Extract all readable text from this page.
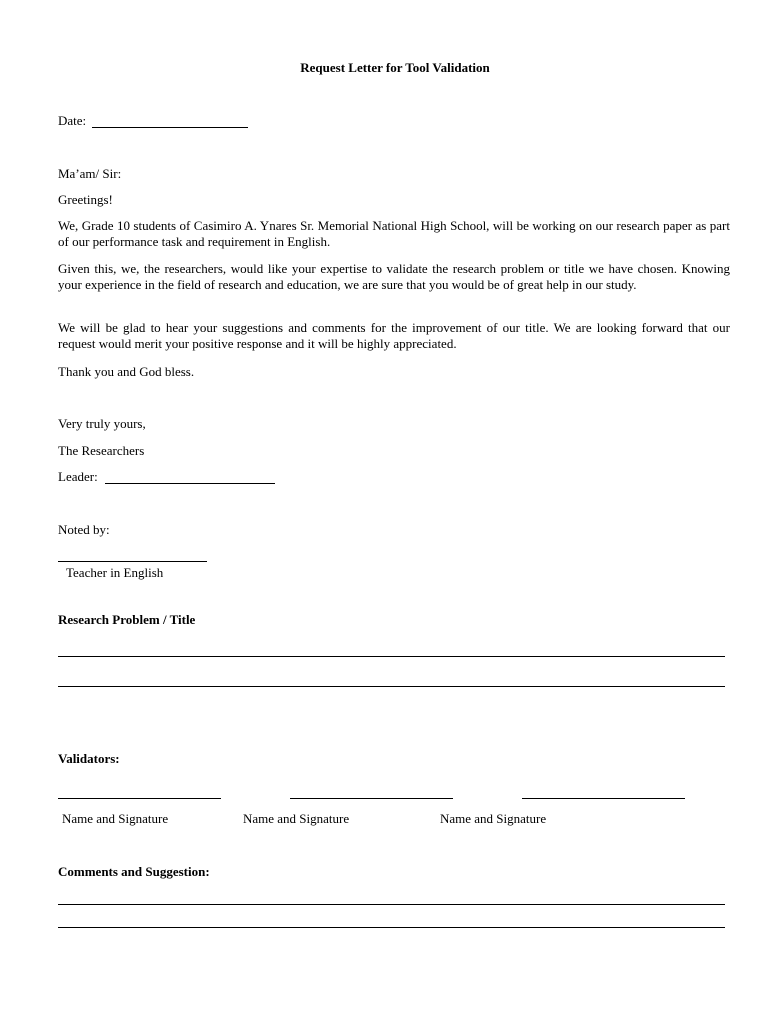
Request Letter for Tool Validation
Date:
Ma’am/ Sir:
Greetings!
We, Grade 10 students of Casimiro A. Ynares Sr. Memorial National High School, will be working on our research paper as part of our performance task and requirement in English.
Given this, we, the researchers, would like your expertise to validate the research problem or title we have chosen. Knowing your experience in the field of research and education, we are sure that you would be of great help in our study.
We will be glad to hear your suggestions and comments for the improvement of our title. We are looking forward that our request would merit your positive response and it will be highly appreciated.
Thank you and God bless.
Very truly yours,
The Researchers
Leader:
Noted by:
Teacher in English
Research Problem / Title
Validators:
Name and Signature	Name and Signature	Name and Signature
Comments and Suggestion:
